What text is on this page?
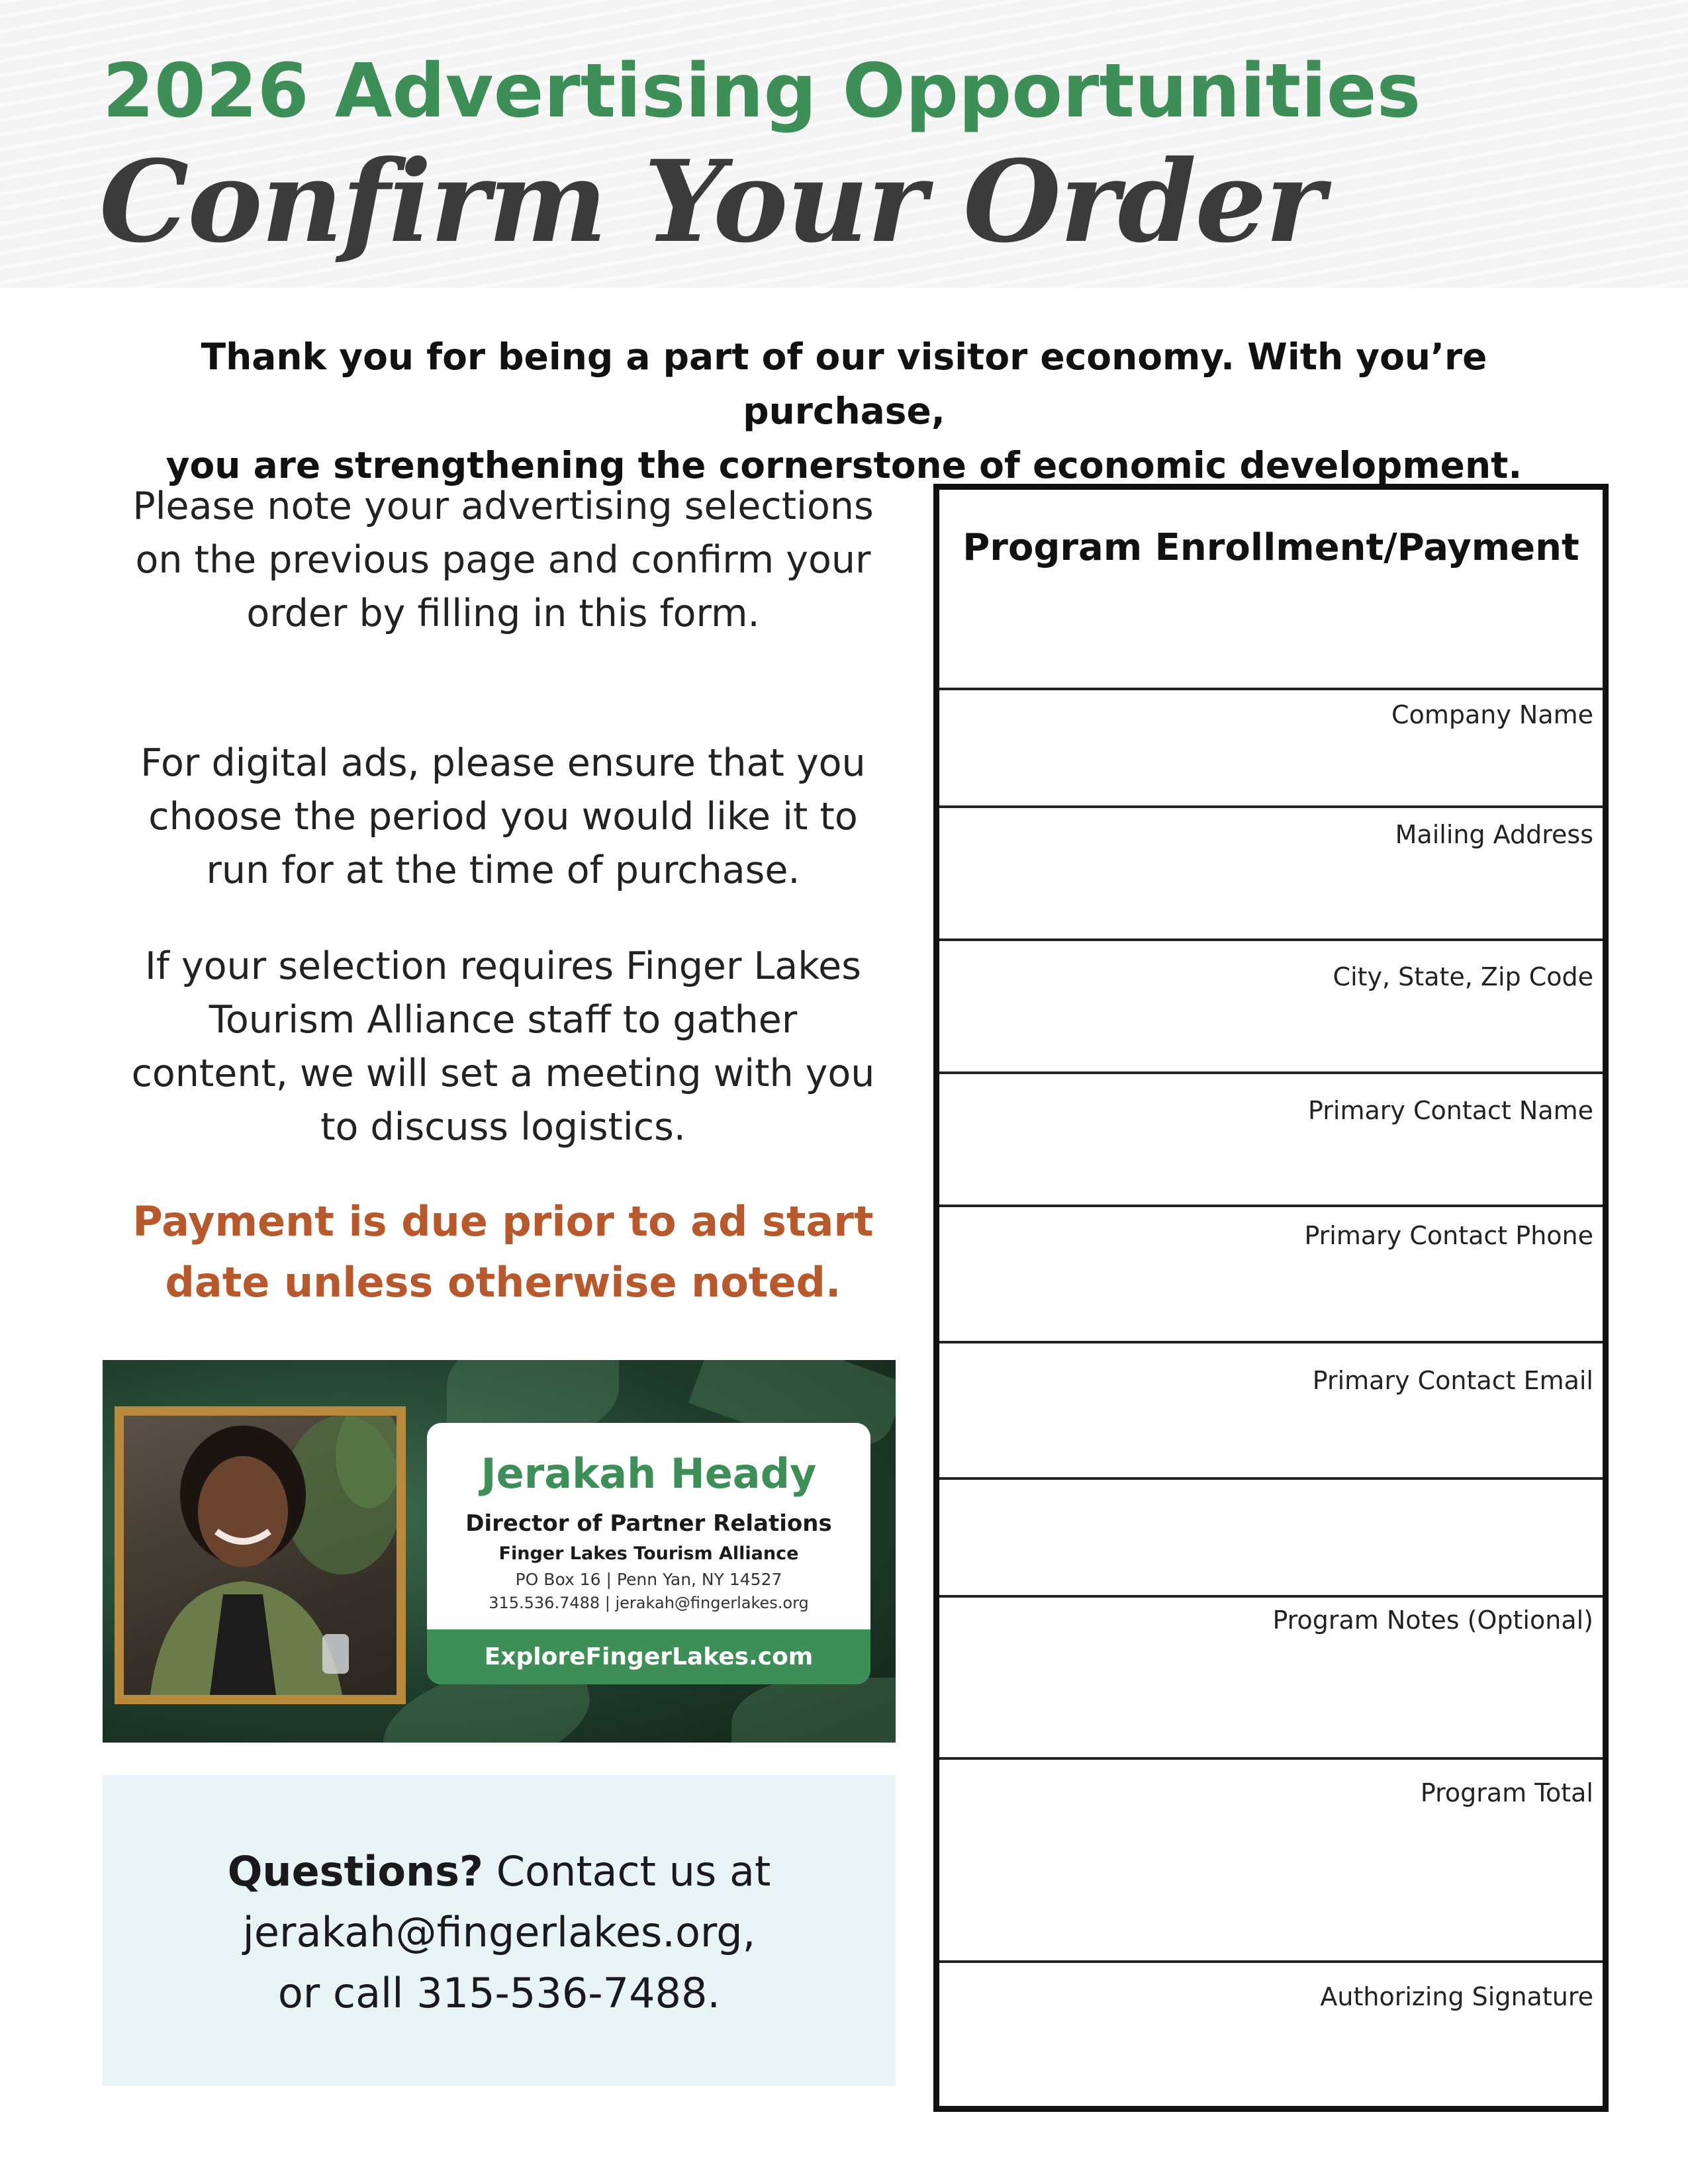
2026 Advertising Opportunities
Confirm Your Order
Thank you for being a part of our visitor economy. With you’re purchase,
you are strengthening the cornerstone of economic development.

Please note your advertising selections on the previous page and confirm your order by filling in this form.

For digital ads, please ensure that you choose the period you would like it to run for at the time of purchase.

If your selection requires Finger Lakes Tourism Alliance staff to gather content, we will set a meeting with you to discuss logistics.

Payment is due prior to ad start date unless otherwise noted.
Jerakah Heady
Director of Partner Relations
Finger Lakes Tourism Alliance
PO Box 16 | Penn Yan, NY 14527
315.536.7488 | jerakah@fingerlakes.org
ExploreFingerLakes.com
Questions? Contact us at
jerakah@fingerlakes.org,
or call 315-536-7488.
Program Enrollment/Payment
Company Name
Mailing Address
City, State, Zip Code
Primary Contact Name
Primary Contact Phone
Primary Contact Email
Program Notes (Optional)
Program Total
Authorizing Signature
